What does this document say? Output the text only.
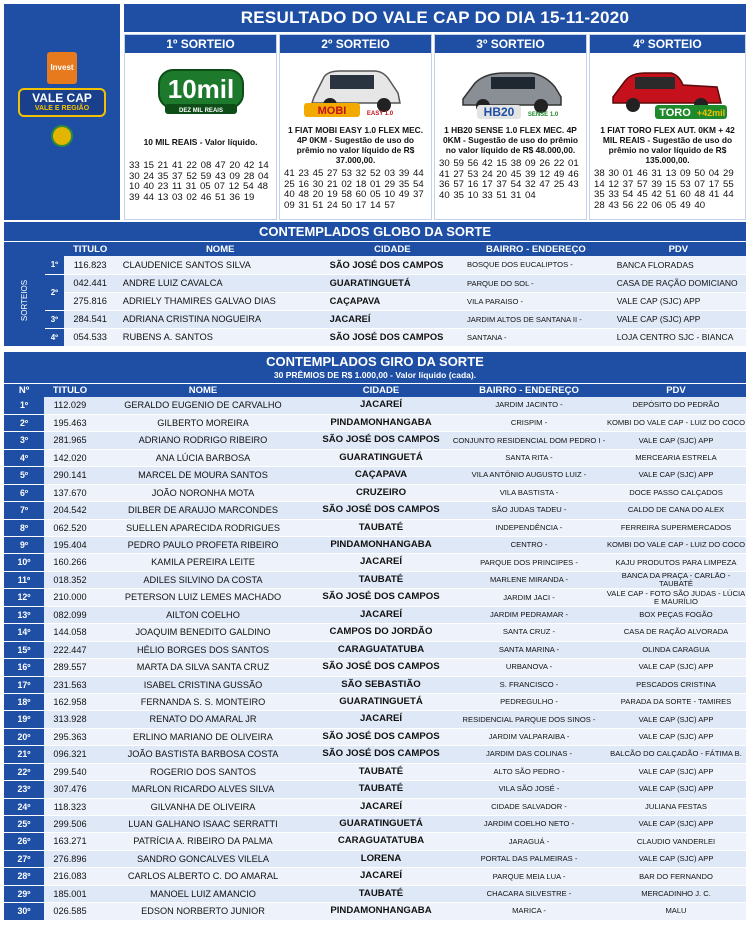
Invest
VALE CAP
VALE E REGIÃO
RESULTADO DO VALE CAP DO DIA 15-11-2020
1º SORTEIO
10mil
DEZ MIL REAIS
10 MIL REAIS - Valor líquido.
33 15 21 41 22 08 47 20 42 14 30 24 35 37 52 59 43 09 28 04 10 40 23 11 31 05 07 12 54 48 39 44 13 03 02 46 51 36 19
2º SORTEIO
MOBI	EASY 1.0
1 FIAT MOBI EASY 1.0 FLEX MEC. 4P 0KM - Sugestão de uso do prêmio no valor líquido de R$ 37.000,00.
41 23 45 27 53 32 52 03 39 44 25 16 30 21 02 18 01 29 35 54 40 48 20 19 58 60 05 10 49 37 09 31 51 24 50 17 14 57
3º SORTEIO
HB20 SENSE 1.0
1 HB20 SENSE 1.0 FLEX MEC. 4P 0KM - Sugestão de uso do prêmio no valor líquido de R$ 48.000,00.
30 59 56 42 15 38 09 26 22 01 41 27 53 24 20 45 39 12 49 46 36 57 16 17 37 54 32 47 25 43 40 35 10 33 51 31 04
4º SORTEIO
TORO +42mil
1 FIAT TORO FLEX AUT. 0KM + 42 MIL REAIS - Sugestão de uso do prêmio no valor líquido de R$ 135.000,00.
38 30 01 46 31 13 09 50 04 29 14 12 37 57 39 15 53 07 17 55 35 33 54 45 42 51 60 48 41 44 28 43 56 22 06 05 49 40
CONTEMPLADOS GLOBO DA SORTE
		TITULO	NOME	CIDADE	BAIRRO - ENDEREÇO	PDV

SORTEIOS	1º	116.823	CLAUDENICE SANTOS SILVA	SÃO JOSÉ DOS CAMPOS	BOSQUE DOS EUCALIPTOS -	BANCA FLORADAS
	2º	042.441	ANDRE LUIZ CAVALCA	GUARATINGUETÁ	PARQUE DO SOL -	CASA DE RAÇÃO DOMICIANO
		275.816	ADRIELY THAMIRES GALVAO DIAS	CAÇAPAVA	VILA PARAISO -	VALE CAP (SJC) APP
	3º	284.541	ADRIANA CRISTINA NOGUEIRA	JACAREÍ	JARDIM ALTOS DE SANTANA II -	VALE CAP (SJC) APP
	4º	054.533	RUBENS A. SANTOS	SÃO JOSÉ DOS CAMPOS	SANTANA -	LOJA CENTRO SJC - BIANCA
CONTEMPLADOS GIRO DA SORTE
30 PRÊMIOS DE R$ 1.000,00 - Valor líquido (cada).
Nº	TITULO	NOME	CIDADE	BAIRRO - ENDEREÇO	PDV
1º	112.029	GERALDO EUGENIO DE CARVALHO	JACAREÍ	JARDIM JACINTO -	DEPÓSITO DO PEDRÃO
2º	195.463	GILBERTO MOREIRA	PINDAMONHANGABA	CRISPIM -	KOMBI DO VALE CAP - LUIZ DO COCO
3º	281.965	ADRIANO RODRIGO RIBEIRO	SÃO JOSÉ DOS CAMPOS	CONJUNTO RESIDENCIAL DOM PEDRO I -	VALE CAP (SJC) APP
4º	142.020	ANA LÚCIA BARBOSA	GUARATINGUETÁ	SANTA RITA -	MERCEARIA ESTRELA
5º	290.141	MARCEL DE MOURA SANTOS	CAÇAPAVA	VILA ANTÔNIO AUGUSTO LUIZ -	VALE CAP (SJC) APP
6º	137.670	JOÃO NORONHA MOTA	CRUZEIRO	VILA BASTISTA -	DOCE PASSO CALÇADOS
7º	204.542	DILBER DE ARAUJO MARCONDES	SÃO JOSÉ DOS CAMPOS	SÃO JUDAS TADEU -	CALDO DE CANA DO ALEX
8º	062.520	SUELLEN APARECIDA RODRIGUES	TAUBATÉ	INDEPENDÊNCIA -	FERREIRA SUPERMERCADOS
9º	195.404	PEDRO PAULO PROFETA RIBEIRO	PINDAMONHANGABA	CENTRO -	KOMBI DO VALE CAP - LUIZ DO COCO
10º	160.266	KAMILA PEREIRA LEITE	JACAREÍ	PARQUE DOS PRINCIPES -	KAJU PRODUTOS PARA LIMPEZA
11º	018.352	ADILES SILVINO DA COSTA	TAUBATÉ	MARLENE MIRANDA -	BANCA DA PRAÇA - CARLÃO - TAUBATÉ
12º	210.000	PETERSON LUIZ LEMES MACHADO	SÃO JOSÉ DOS CAMPOS	JARDIM JACI -	VALE CAP - FOTO SÃO JUDAS - LÚCIA E MAURÍLIO
13º	082.099	AILTON COELHO	JACAREÍ	JARDIM PEDRAMAR -	BOX PEÇAS FOGÃO
14º	144.058	JOAQUIM BENEDITO GALDINO	CAMPOS DO JORDÃO	SANTA CRUZ -	CASA DE RAÇÃO ALVORADA
15º	222.447	HÉLIO BORGES DOS SANTOS	CARAGUATATUBA	SANTA MARINA -	OLINDA CARAGUA
16º	289.557	MARTA DA SILVA SANTA CRUZ	SÃO JOSÉ DOS CAMPOS	URBANOVA -	VALE CAP (SJC) APP
17º	231.563	ISABEL CRISTINA GUSSÃO	SÃO SEBASTIÃO	S. FRANCISCO -	PESCADOS CRISTINA
18º	162.958	FERNANDA S. S. MONTEIRO	GUARATINGUETÁ	PEDREGULHO -	PARADA DA SORTE - TAMIRES
19º	313.928	RENATO DO AMARAL JR	JACAREÍ	RESIDENCIAL PARQUE DOS SINOS -	VALE CAP (SJC) APP
20º	295.363	ERLINO MARIANO DE OLIVEIRA	SÃO JOSÉ DOS CAMPOS	JARDIM VALPARAIBA -	VALE CAP (SJC) APP
21º	096.321	JOÃO BASTISTA BARBOSA COSTA	SÃO JOSÉ DOS CAMPOS	JARDIM DAS COLINAS -	BALCÃO DO CALÇADÃO - FÁTIMA B.
22º	299.540	ROGERIO DOS SANTOS	TAUBATÉ	ALTO SÃO PEDRO -	VALE CAP (SJC) APP
23º	307.476	MARLON RICARDO ALVES SILVA	TAUBATÉ	VILA SÃO JOSÉ -	VALE CAP (SJC) APP
24º	118.323	GILVANHA DE OLIVEIRA	JACAREÍ	CIDADE SALVADOR -	JULIANA FESTAS
25º	299.506	LUAN GALHANO ISAAC SERRATTI	GUARATINGUETÁ	JARDIM COELHO NETO -	VALE CAP (SJC) APP
26º	163.271	PATRÍCIA A. RIBEIRO DA PALMA	CARAGUATATUBA	JARAGUÁ -	CLAUDIO VANDERLEI
27º	276.896	SANDRO GONCALVES VILELA	LORENA	PORTAL DAS PALMEIRAS -	VALE CAP (SJC) APP
28º	216.083	CARLOS ALBERTO C. DO AMARAL	JACAREÍ	PARQUE MEIA LUA -	BAR DO FERNANDO
29º	185.001	MANOEL LUIZ AMANCIO	TAUBATÉ	CHACARA SILVESTRE -	MERCADINHO J. C.
30º	026.585	EDSON NORBERTO JUNIOR	PINDAMONHANGABA	MARICA -	MALU
